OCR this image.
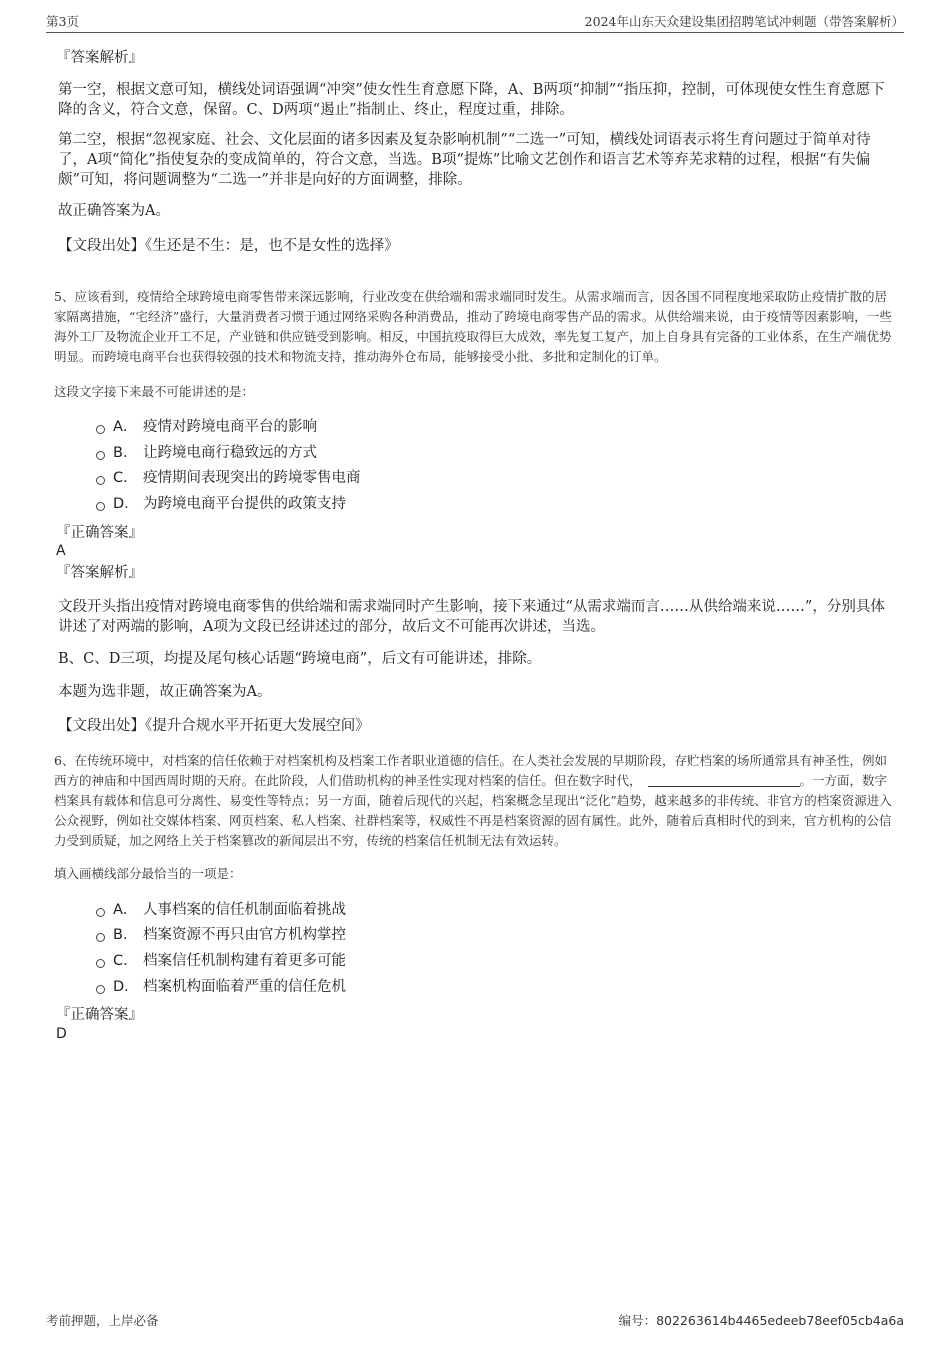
第3页	2024年山东天众建设集团招聘笔试冲刺题（带答案解析）
『答案解析』

第一空，根据文意可知，横线处词语强调“冲突”使女性生育意愿下降，A、B两项“抑制”“指压抑，控制，可体现使女性生育意愿下降的含义，符合文意，保留。C、D两项“遏止”指制止、终止，程度过重，排除。

第二空，根据“忽视家庭、社会、文化层面的诸多因素及复杂影响机制”“二选一”可知，横线处词语表示将生育问题过于简单对待了，A项“简化”指使复杂的变成简单的，符合文意，当选。B项“提炼”比喻文艺创作和语言艺术等弃芜求精的过程，根据“有失偏颇”可知，将问题调整为“二选一”并非是向好的方面调整，排除。

故正确答案为A。

【文段出处】《生还是不生：是，也不是女性的选择》

5、应该看到，疫情给全球跨境电商零售带来深远影响，行业改变在供给端和需求端同时发生。从需求端而言，因各国不同程度地采取防止疫情扩散的居家隔离措施，“宅经济”盛行，大量消费者习惯于通过网络采购各种消费品，推动了跨境电商零售产品的需求。从供给端来说，由于疫情等因素影响，一些海外工厂及物流企业开工不足，产业链和供应链受到影响。相反，中国抗疫取得巨大成效，率先复工复产，加上自身具有完备的工业体系，在生产端优势明显。而跨境电商平台也获得较强的技术和物流支持，推动海外仓布局，能够接受小批、多批和定制化的订单。

这段文字接下来最不可能讲述的是：

A． 疫情对跨境电商平台的影响
B． 让跨境电商行稳致远的方式
C． 疫情期间表现突出的跨境零售电商
D． 为跨境电商平台提供的政策支持
『正确答案』
A
『答案解析』

文段开头指出疫情对跨境电商零售的供给端和需求端同时产生影响，接下来通过“从需求端而言……从供给端来说……”，分别具体讲述了对两端的影响，A项为文段已经讲述过的部分，故后文不可能再次讲述，当选。

B、C、D三项，均提及尾句核心话题“跨境电商”，后文有可能讲述，排除。

本题为选非题，故正确答案为A。

【文段出处】《提升合规水平开拓更大发展空间》

6、在传统环境中，对档案的信任依赖于对档案机构及档案工作者职业道德的信任。在人类社会发展的早期阶段，存贮档案的场所通常具有神圣性，例如西方的神庙和中国西周时期的天府。在此阶段，人们借助机构的神圣性实现对档案的信任。但在数字时代，	。一方面，数字档案具有载体和信息可分离性、易变性等特点；另一方面，随着后现代的兴起，档案概念呈现出“泛化”趋势，越来越多的非传统、非官方的档案资源进入公众视野，例如社交媒体档案、网页档案、私人档案、社群档案等，权威性不再是档案资源的固有属性。此外，随着后真相时代的到来，官方机构的公信力受到质疑，加之网络上关于档案篡改的新闻层出不穷，传统的档案信任机制无法有效运转。

填入画横线部分最恰当的一项是：

A． 人事档案的信任机制面临着挑战
B． 档案资源不再只由官方机构掌控
C． 档案信任机制构建有着更多可能
D． 档案机构面临着严重的信任危机
『正确答案』
D
考前押题，上岸必备	编号：802263614b4465edeeb78eef05cb4a6a
